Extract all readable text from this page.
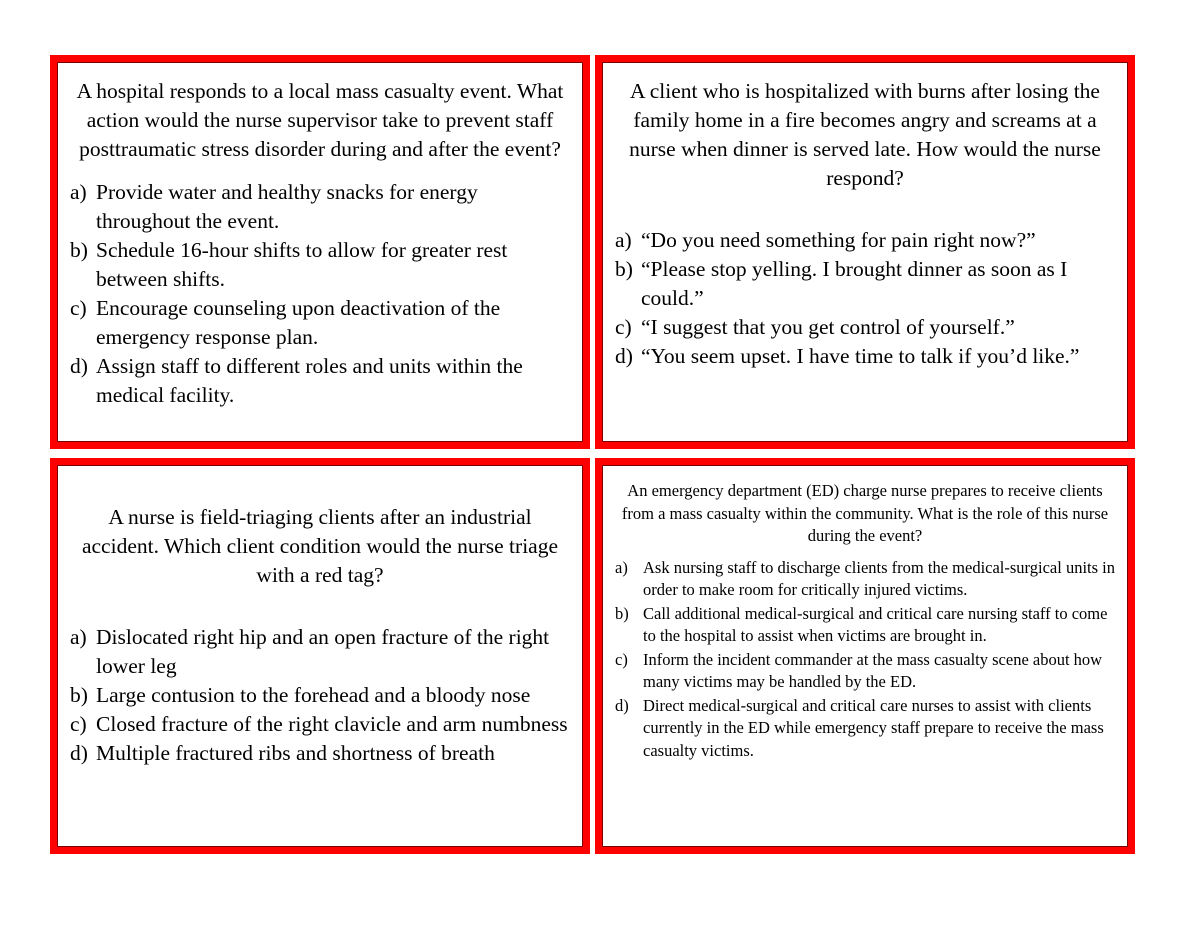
A hospital responds to a local mass casualty event. What action would the nurse supervisor take to prevent staff posttraumatic stress disorder during and after the event?

a) Provide water and healthy snacks for energy throughout the event.
b) Schedule 16-hour shifts to allow for greater rest between shifts.
c) Encourage counseling upon deactivation of the emergency response plan.
d) Assign staff to different roles and units within the medical facility.

A client who is hospitalized with burns after losing the family home in a fire becomes angry and screams at a nurse when dinner is served late. How would the nurse respond?

a) “Do you need something for pain right now?”
b) “Please stop yelling. I brought dinner as soon as I could.”
c) “I suggest that you get control of yourself.”
d) “You seem upset. I have time to talk if you’d like.”

A nurse is field-triaging clients after an industrial accident. Which client condition would the nurse triage with a red tag?

a) Dislocated right hip and an open fracture of the right lower leg
b) Large contusion to the forehead and a bloody nose
c) Closed fracture of the right clavicle and arm numbness
d) Multiple fractured ribs and shortness of breath

An emergency department (ED) charge nurse prepares to receive clients from a mass casualty within the community. What is the role of this nurse during the event?

a) Ask nursing staff to discharge clients from the medical-surgical units in order to make room for critically injured victims.
b) Call additional medical-surgical and critical care nursing staff to come to the hospital to assist when victims are brought in.
c) Inform the incident commander at the mass casualty scene about how many victims may be handled by the ED.
d) Direct medical-surgical and critical care nurses to assist with clients currently in the ED while emergency staff prepare to receive the mass casualty victims.
